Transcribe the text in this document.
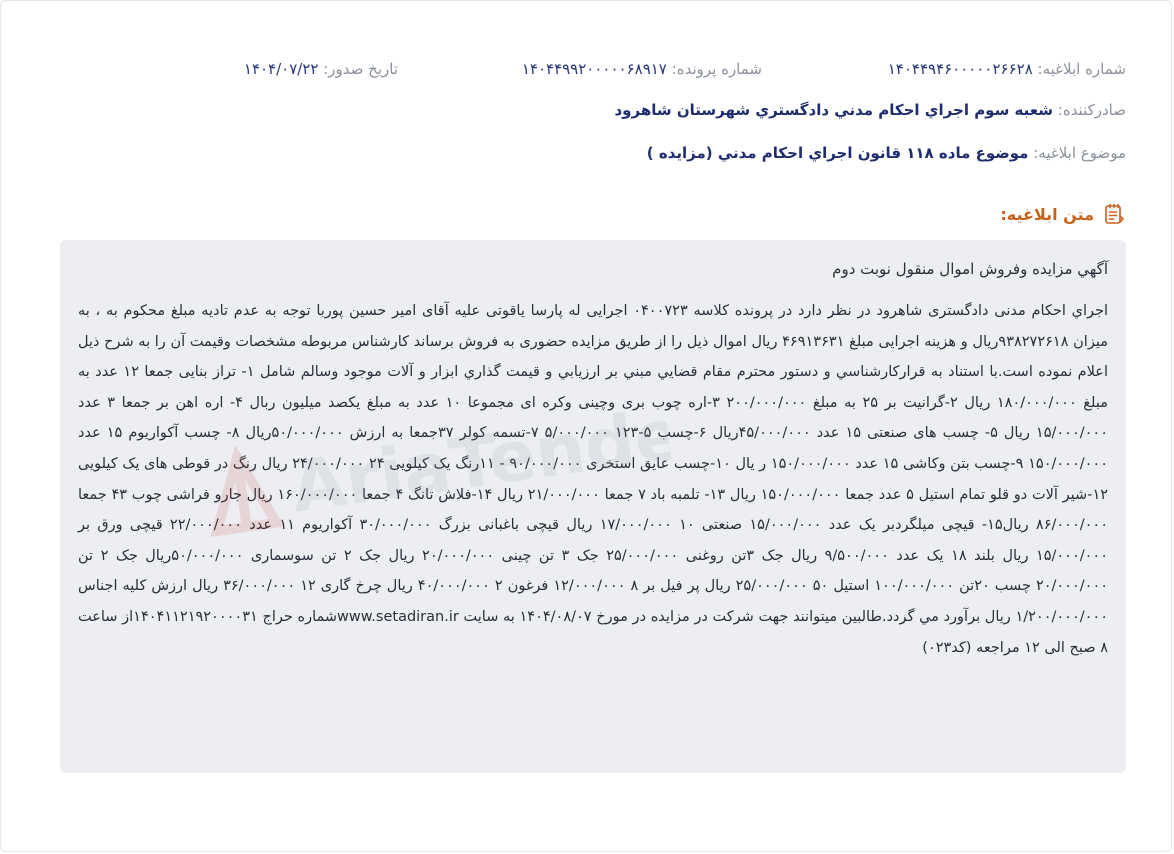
شماره ابلاغيه: ۱۴۰۴۴۹۴۶۰۰۰۰۰۲۶۶۲۸
شماره پرونده: ۱۴۰۴۴۹۹۲۰۰۰۰۰۶۸۹۱۷
تاريخ صدور: ۱۴۰۴/۰۷/۲۲
صادرکننده: شعبه سوم اجراي احکام مدني دادگستري شهرستان شاهرود
موضوع ابلاغيه: موضوع ماده ۱۱۸ قانون اجراي احکام مدني (مزايده )
متن ابلاغيه:

آگهي مزايده وفروش اموال منقول نوبت دوم

اجراي احکام مدنی دادگستری شاهرود در نظر دارد در پرونده کلاسه ۰۴۰۰۷۲۳ اجرایی له پارسا یاقوتی علیه آقای امیر حسین پوربا توجه به عدم تادیه مبلغ محکوم به ، به میزان ۹۳۸۲۷۲۶۱۸ریال و هزینه اجرایی مبلغ ۴۶۹۱۳۶۳۱ ریال اموال ذیل را از طریق مزایده حضوری به فروش برساند کارشناس مربوطه مشخصات وقیمت آن را به شرح ذیل اعلام نموده است.با استناد به قرارکارشناسي و دستور محترم مقام قضايي مبني بر ارزيابي و قيمت گذاري ابزار و آلات موجود وسالم شامل ۱- تراز بنایی جمعا ۱۲ عدد به مبلغ ۱۸۰/۰۰۰/۰۰۰ ریال ۲-گرانیت بر ۲۵ به مبلغ ۲۰۰/۰۰۰/۰۰۰ ۳-اره چوب بری وچینی وکره ای مجموعا ۱۰ عدد به مبلغ یکصد میلیون ربال ۴- اره اهن بر جمعا ۳ عدد ۱۵/۰۰۰/۰۰۰ ریال ۵- چسب های صنعتی ۱۵ عدد ۴۵/۰۰۰/۰۰۰ریال ۶-چسب ۵-۱۲۳ ۵/۰۰۰/۰۰۰ ۷-تسمه کولر ۳۷جمعا به ارزش ۵۰/۰۰۰/۰۰۰ریال ۸- چسب آکواریوم ۱۵ عدد ۱۵۰/۰۰۰/۰۰۰ ۹-چسب بتن وکاشی ۱۵ عدد ۱۵۰/۰۰۰/۰۰۰ ر یال ۱۰-چسب عایق استخری ۹۰/۰۰۰/۰۰۰ - ۱۱رنگ یک کیلویی ۲۴ ۲۴/۰۰۰/۰۰۰ ریال رنگ در قوطی های یک کیلویی ۱۲-شیر آلات دو قلو تمام استیل ۵ عدد جمعا ۱۵۰/۰۰۰/۰۰۰ ریال ۱۳- تلمبه باد ۷ جمعا ۲۱/۰۰۰/۰۰۰ ریال ۱۴-فلاش تانگ ۴ جمعا ۱۶۰/۰۰۰/۰۰۰ ریال جارو فراشی چوب ۴۳ جمعا ۸۶/۰۰۰/۰۰۰ ریال۱۵- قیچی میلگردبر یک عدد ۱۵/۰۰۰/۰۰۰ صنعتی ۱۰ ۱۷/۰۰۰/۰۰۰ ریال قیچی باغبانی بزرگ ۳۰/۰۰۰/۰۰۰ آکواریوم ۱۱ عدد ۲۲/۰۰۰/۰۰۰ قیچی ورق بر ۱۵/۰۰۰/۰۰۰ ریال بلند ۱۸ یک عدد ۹/۵۰۰/۰۰۰ ریال جک ۳تن روغنی ۲۵/۰۰۰/۰۰۰ جک ۳ تن چینی ۲۰/۰۰۰/۰۰۰ ریال جک ۲ تن سوسماری ۵۰/۰۰۰/۰۰۰ریال جک ۲ تن ۲۰/۰۰۰/۰۰۰ چسب ۲۰تن ۱۰۰/۰۰۰/۰۰۰ استیل ۵۰ ۲۵/۰۰۰/۰۰۰ ریال پر فیل بر ۸ ۱۲/۰۰۰/۰۰۰ فرغون ۲ ۴۰/۰۰۰/۰۰۰ ریال چرخ گاری ۱۲ ۳۶/۰۰۰/۰۰۰ ریال ارزش کلیه اجناس ۱/۲۰۰/۰۰۰/۰۰۰ ریال برآورد مي گردد.طالبین میتوانند جهت شرکت در مزایده در مورخ ۱۴۰۴/۰۸/۰۷ به سایت www.setadiran.irشماره حراج ۱۴۰۴۱۱۲۱۹۲۰۰۰۰۳۱از ساعت ۸ صبح الی ۱۲ مراجعه (کد۰۲۳)
